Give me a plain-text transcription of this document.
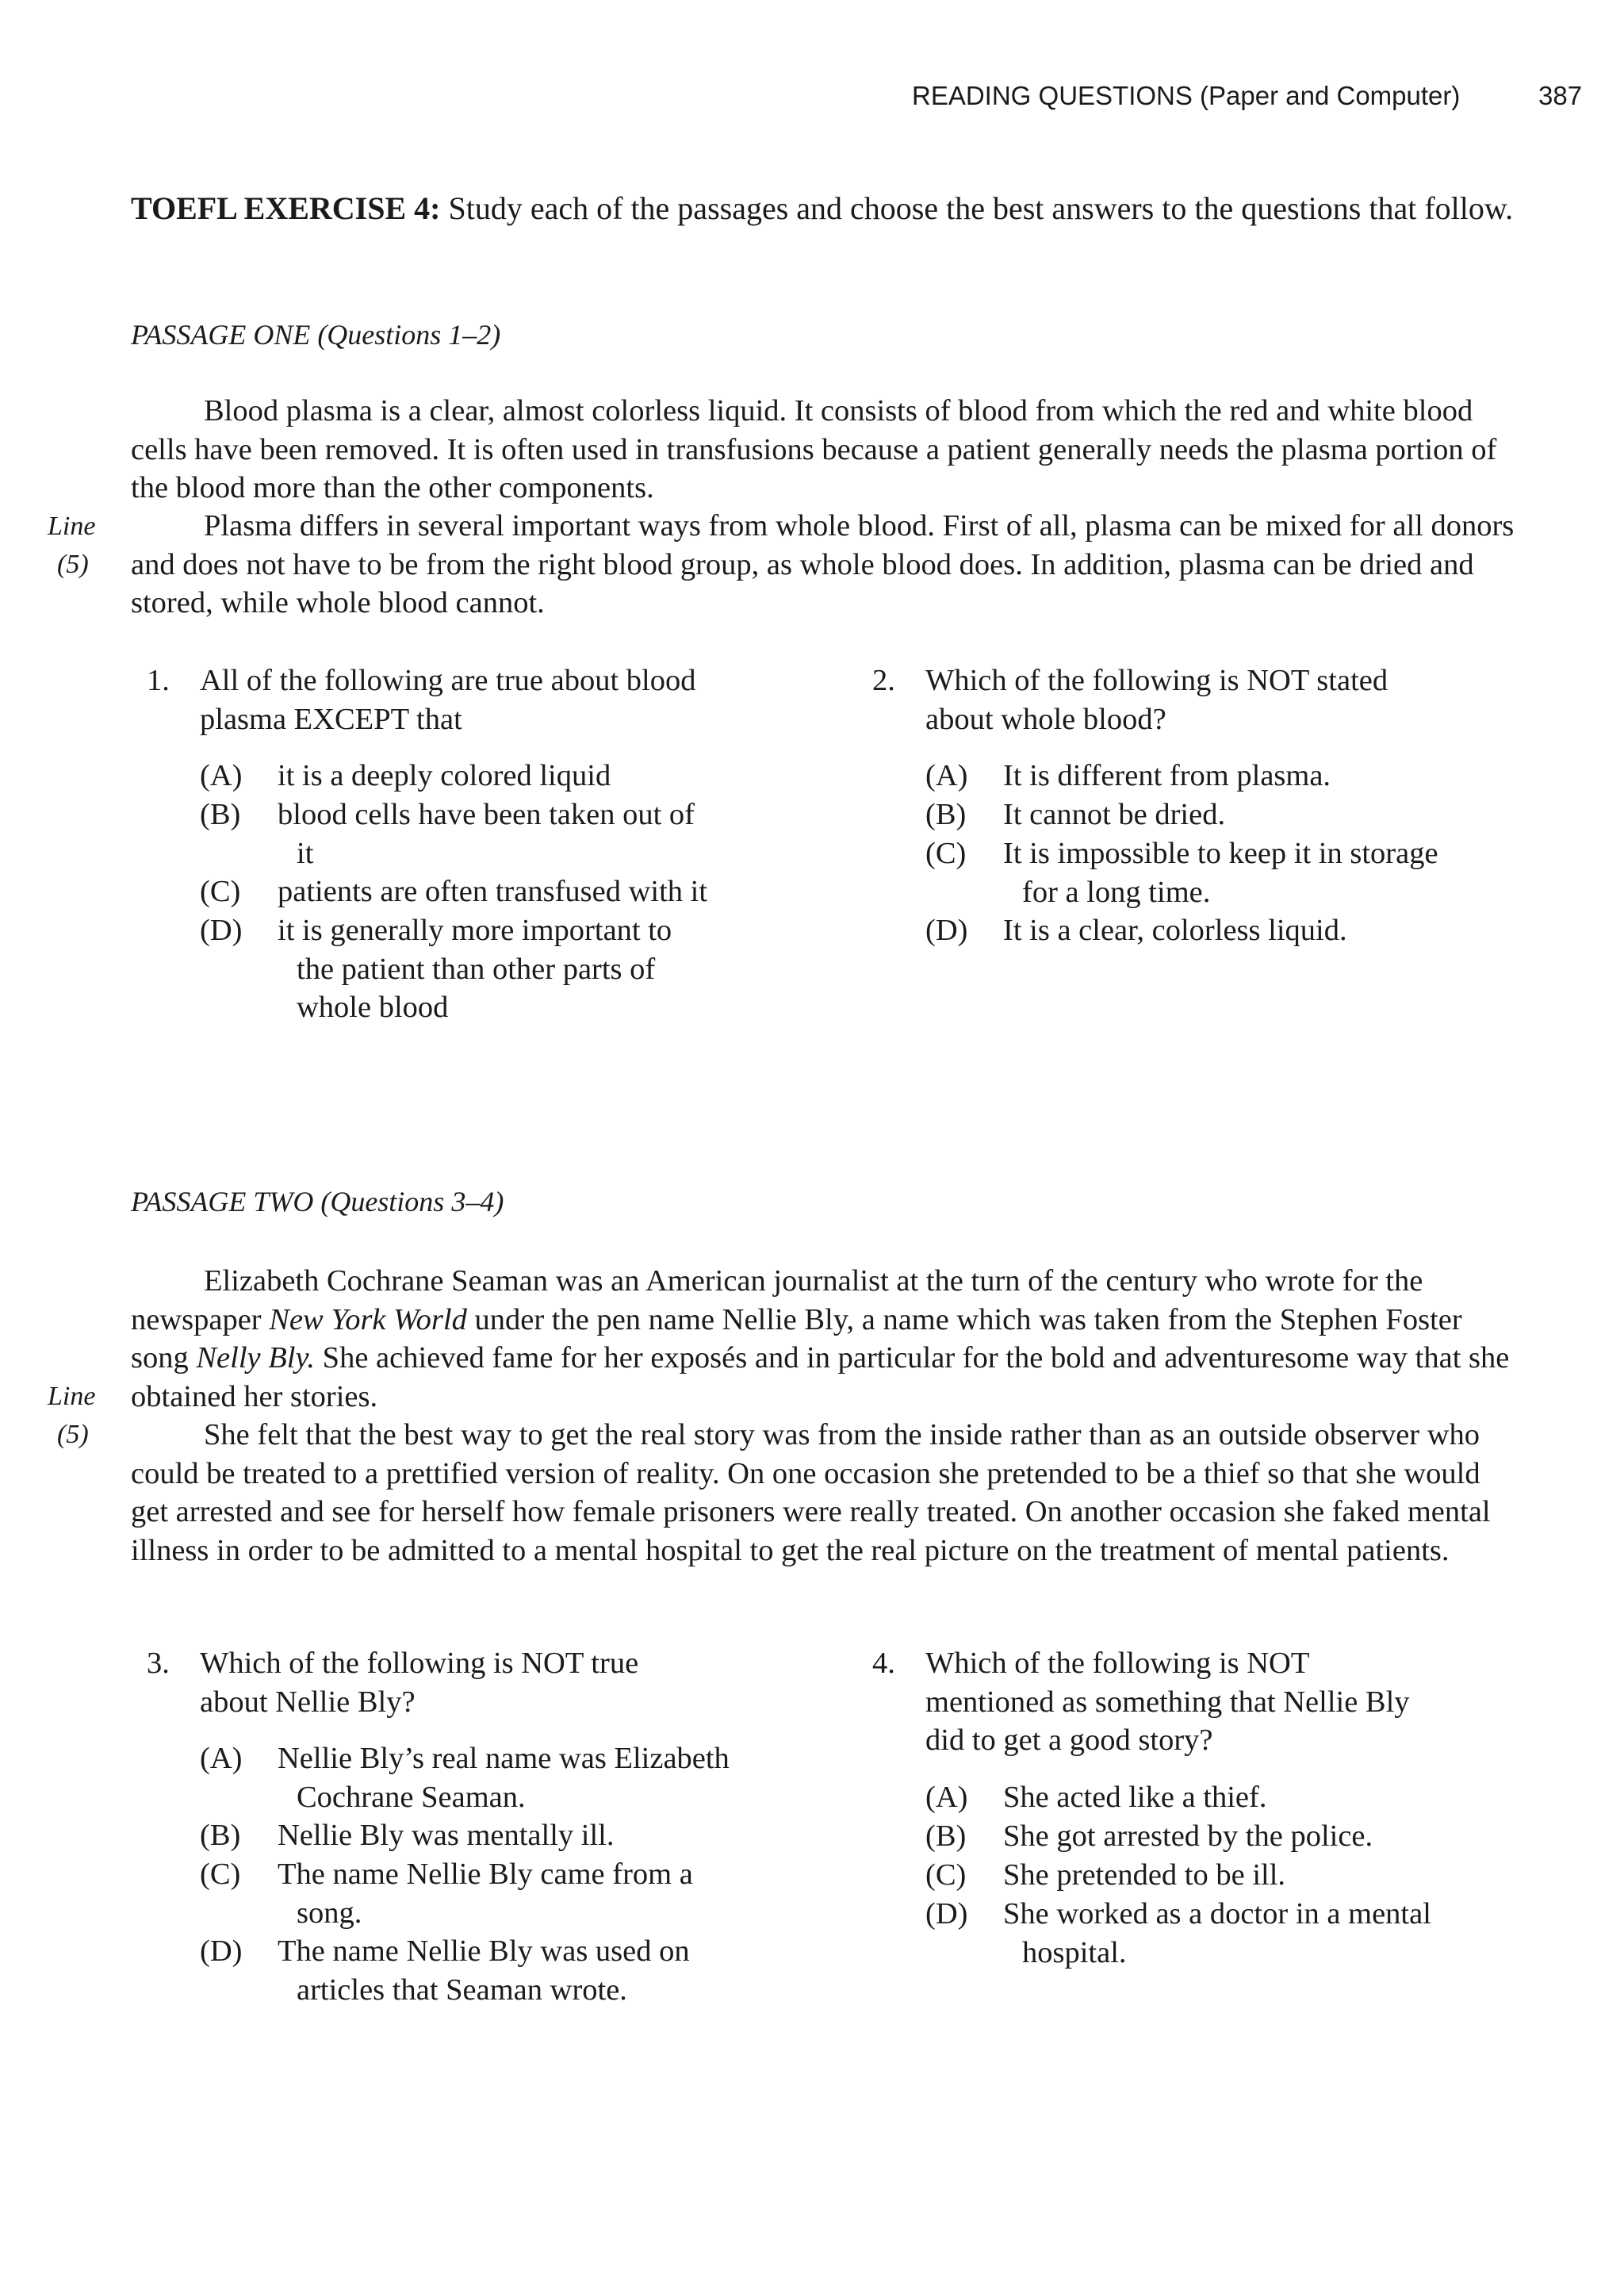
READING QUESTIONS (Paper and Computer)	387
TOEFL EXERCISE 4: Study each of the passages and choose the best answers to the questions that follow.
PASSAGE ONE (Questions 1–2)
Blood plasma is a clear, almost colorless liquid. It consists of blood from which the red and white blood cells have been removed. It is often used in transfusions because a patient generally needs the plasma portion of the blood more than the other components.
Plasma differs in several important ways from whole blood. First of all, plasma can be mixed for all donors and does not have to be from the right blood group, as whole blood does. In addition, plasma can be dried and stored, while whole blood cannot.
Line
(5)
1. All of the following are true about blood
plasma EXCEPT that
(A) it is a deeply colored liquid
(B) blood cells have been taken out of
it
(C) patients are often transfused with it
(D) it is generally more important to
the patient than other parts of
whole blood
2. Which of the following is NOT stated
about whole blood?
(A) It is different from plasma.
(B) It cannot be dried.
(C) It is impossible to keep it in storage
for a long time.
(D) It is a clear, colorless liquid.
PASSAGE TWO (Questions 3–4)
Elizabeth Cochrane Seaman was an American journalist at the turn of the century who wrote for the newspaper New York World under the pen name Nellie Bly, a name which was taken from the Stephen Foster song Nelly Bly. She achieved fame for her exposés and in particular for the bold and adventuresome way that she obtained her stories.
She felt that the best way to get the real story was from the inside rather than as an outside observer who could be treated to a prettified version of reality. On one occasion she pretended to be a thief so that she would get arrested and see for herself how female prisoners were really treated. On another occasion she faked mental illness in order to be admitted to a mental hospital to get the real picture on the treatment of mental patients.
Line
(5)
3. Which of the following is NOT true
about Nellie Bly?
(A) Nellie Bly’s real name was Elizabeth
Cochrane Seaman.
(B) Nellie Bly was mentally ill.
(C) The name Nellie Bly came from a
song.
(D) The name Nellie Bly was used on
articles that Seaman wrote.
4. Which of the following is NOT
mentioned as something that Nellie Bly
did to get a good story?
(A) She acted like a thief.
(B) She got arrested by the police.
(C) She pretended to be ill.
(D) She worked as a doctor in a mental
hospital.
